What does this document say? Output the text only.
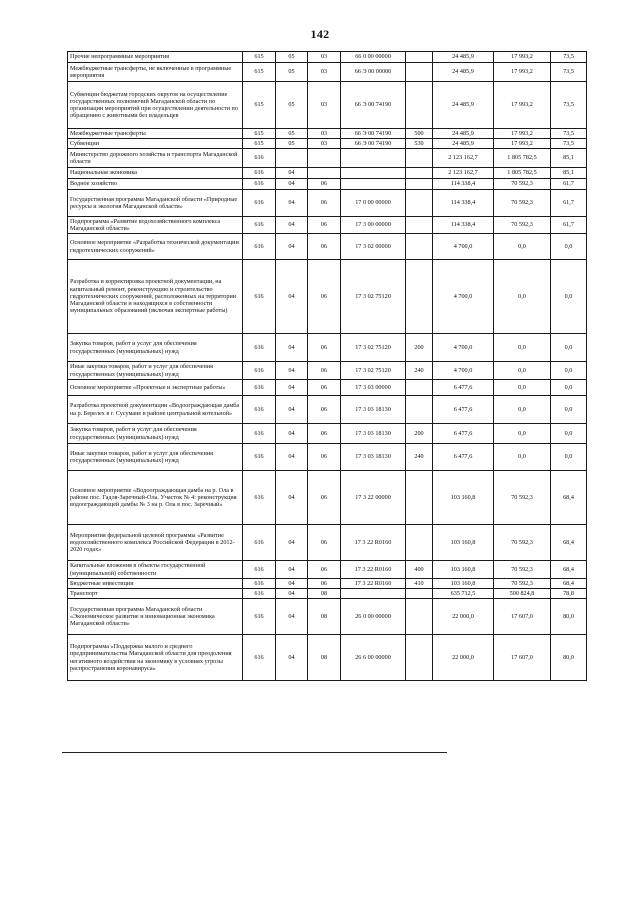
142
Прочие непрограммные мероприятия	615	05	03	66 0 00 00000		24 485,9	17 993,2	73,5
Межбюджетные трансферты, не включенные в программные мероприятия	615	05	03	66 Э 00 00000		24 485,9	17 993,2	73,5
Субвенции бюджетам городских округов на осуществление государственных полномочий Магаданской области по организации мероприятий при осуществлении деятельности по обращению с животными без владельцев	615	05	03	66 Э 00 74190		24 485,9	17 993,2	73,5
Межбюджетные трансферты	615	05	03	66 Э 00 74190	500	24 485,9	17 993,2	73,5
Субвенции	615	05	03	66 Э 00 74190	530	24 485,9	17 993,2	73,5
Министерство дорожного хозяйства и транспорта Магаданской области	616					2 123 162,7	1 805 782,5	85,1
Национальная экономика	616	04				2 123 162,7	1 805 782,5	85,1
Водное хозяйство	616	04	06			114 338,4	70 592,3	61,7
Государственная программа Магаданской области «Природные ресурсы и экология Магаданской области»	616	04	06	17 0 00 00000		114 338,4	70 592,3	61,7
Подпрограмма «Развитие водохозяйственного комплекса Магаданской области»	616	04	06	17 3 00 00000		114 338,4	70 592,3	61,7
Основное мероприятие «Разработка технической документации гидротехнических сооружений»	616	04	06	17 3 02 00000		4 700,0	0,0	0,0
Разработка и корректировка проектной документации, на капитальный ремонт, реконструкцию и строительство гидротехнических сооружений, расположенных на территории Магаданской области и находящихся в собственности муниципальных образований (включая экспертные работы)	616	04	06	17 3 02 75120		4 700,0	0,0	0,0
Закупка товаров, работ и услуг для обеспечения государственных (муниципальных) нужд	616	04	06	17 3 02 75120	200	4 700,0	0,0	0,0
Иные закупки товаров, работ и услуг для обеспечения государственных (муниципальных) нужд	616	04	06	17 3 02 75120	240	4 700,0	0,0	0,0
Основное мероприятие «Проектные и экспертные работы»	616	04	06	17 3 03 00000		6 477,6	0,0	0,0
Разработка проектной документации «Водоограждающая дамба на р. Берелех в г. Сусумане в районе центральной котельной»	616	04	06	17 3 03 18130		6 477,6	0,0	0,0
Закупка товаров, работ и услуг для обеспечения государственных (муниципальных) нужд	616	04	06	17 3 03 18130	200	6 477,6	0,0	0,0
Иные закупки товаров, работ и услуг для обеспечения государственных (муниципальных) нужд	616	04	06	17 3 03 18130	240	6 477,6	0,0	0,0
Основное мероприятие «Водоограждающая дамба на р. Ола в районе пос. Гадля-Заречный-Ола. Участок № 4: реконструкция водоограждающей дамбы № 3 на р. Ола в пос. Заречный»	616	04	06	17 3 22 00000		103 160,8	70 592,3	68,4
Мероприятия федеральной целевой программы «Развитие водохозяйственного комплекса Российской Федерации в 2012-2020 годах»	616	04	06	17 3 22 R0160		103 160,8	70 592,3	68,4
Капитальные вложения в объекты государственной (муниципальной) собственности	616	04	06	17 3 22 R0160	400	103 160,8	70 592,3	68,4
Бюджетные инвестиции	616	04	06	17 3 22 R0160	410	103 160,8	70 592,3	68,4
Транспорт	616	04	08			635 712,5	500 824,8	78,8
Государственная программа Магаданской области «Экономическое развитие и инновационная экономика Магаданской области»	616	04	08	26 0 00 00000		22 000,0	17 607,0	80,0
Подпрограмма «Поддержка малого и среднего предпринимательства Магаданской области для преодоления негативного воздействия на экономику в условиях угрозы распространения коронавируса»	616	04	08	26 6 00 00000		22 000,0	17 607,0	80,0
